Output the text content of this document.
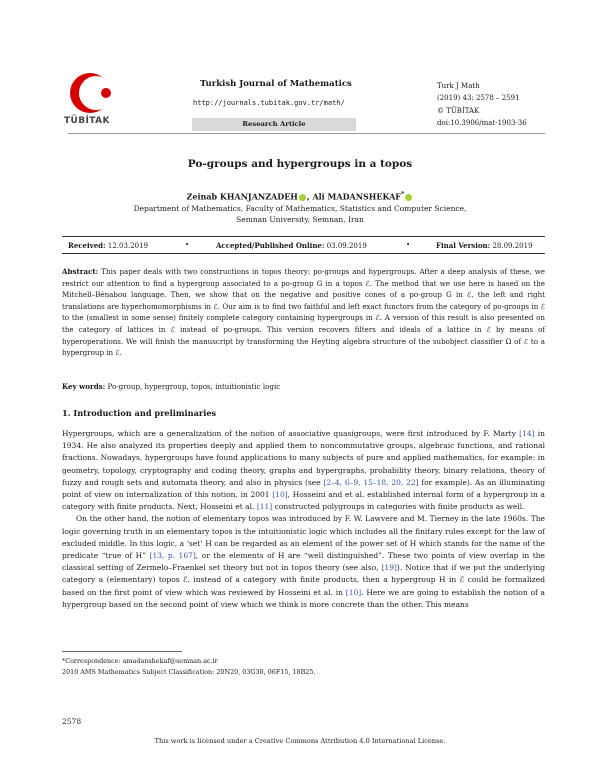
TÜBİTAK
Turkish Journal of Mathematics
http://journals.tubitak.gov.tr/math/
Research Article
Turk J Math
(2019) 43: 2578 – 2591
© TÜBİTAK
doi:10.3906/mat-1903-36
Po-groups and hypergroups in a topos
Zeinab KHANJANZADEH , Ali MADANSHEKAF*
Department of Mathematics, Faculty of Mathematics, Statistics and Computer Science,
Semnan University, Semnan, Iran
Received: 12.03.2019	•	Accepted/Published Online: 03.09.2019	•	Final Version: 28.09.2019
Abstract: This paper deals with two constructions in topos theory: po-groups and hypergroups. After a deep analysis of these, we restrict our attention to find a hypergroup associated to a po-group G in a topos ℰ. The method that we use here is based on the Mitchell–Bénabou language. Then, we show that on the negative and positive cones of a po-group G in ℰ, the left and right translations are hyperhomomorphisms in ℰ. Our aim is to find two faithful and left exact functors from the category of po-groups in ℰ to the (smallest in some sense) finitely complete category containing hypergroups in ℰ. A version of this result is also presented on the category of lattices in ℰ instead of po-groups. This version recovers filters and ideals of a lattice in ℰ by means of hyperoperations. We will finish the manuscript by transforming the Heyting algebra structure of the subobject classifier Ω of ℰ to a hypergroup in ℰ.
Key words: Po-group, hypergroup, topos, intuitionistic logic
1. Introduction and preliminaries

Hypergroups, which are a generalization of the notion of associative quasigroups, were first introduced by F. Marty [14] in 1934. He also analyzed its properties deeply and applied them to noncommutative groups, algebraic functions, and rational fractions. Nowadays, hypergroups have found applications to many subjects of pure and applied mathematics, for example: in geometry, topology, cryptography and coding theory, graphs and hypergraphs, probability theory, binary relations, theory of fuzzy and rough sets and automata theory, and also in physics (see [2–4, 6–9, 15–18, 20, 22] for example). As an illuminating point of view on internalization of this notion, in 2001 [10], Hosseini and et al. established internal form of a hypergroup in a category with finite products. Next, Hosseini et al. [11] constructed polygroups in categories with finite products as well.

On the other hand, the notion of elementary topos was introduced by F. W. Lawvere and M. Tierney in the late 1960s. The logic governing truth in an elementary topos is the intuitionistic logic which includes all the finitary rules except for the law of excluded middle. In this logic, a ‘set’ H can be regarded as an element of the power set of H which stands for the name of the predicate “true of H” [13, p. 167], or the elements of H are “well distinguished”. These two points of view overlap in the classical setting of Zermelo–Fraenkel set theory but not in topos theory (see also, [19]). Notice that if we put the underlying category a (elementary) topos ℰ, instead of a category with finite products, then a hypergroup H in ℰ could be formalized based on the first point of view which was reviewed by Hosseini et al. in [10]. Here we are going to establish the notion of a hypergroup based on the second point of view which we think is more concrete than the other. This means

*Correspondence: amadanshekaf@semnan.ac.ir
2010 AMS Mathematics Subject Classification: 20N20, 03G30, 06F15, 18B25.
2578
This work is licensed under a Creative Commons Attribution 4.0 International License.
